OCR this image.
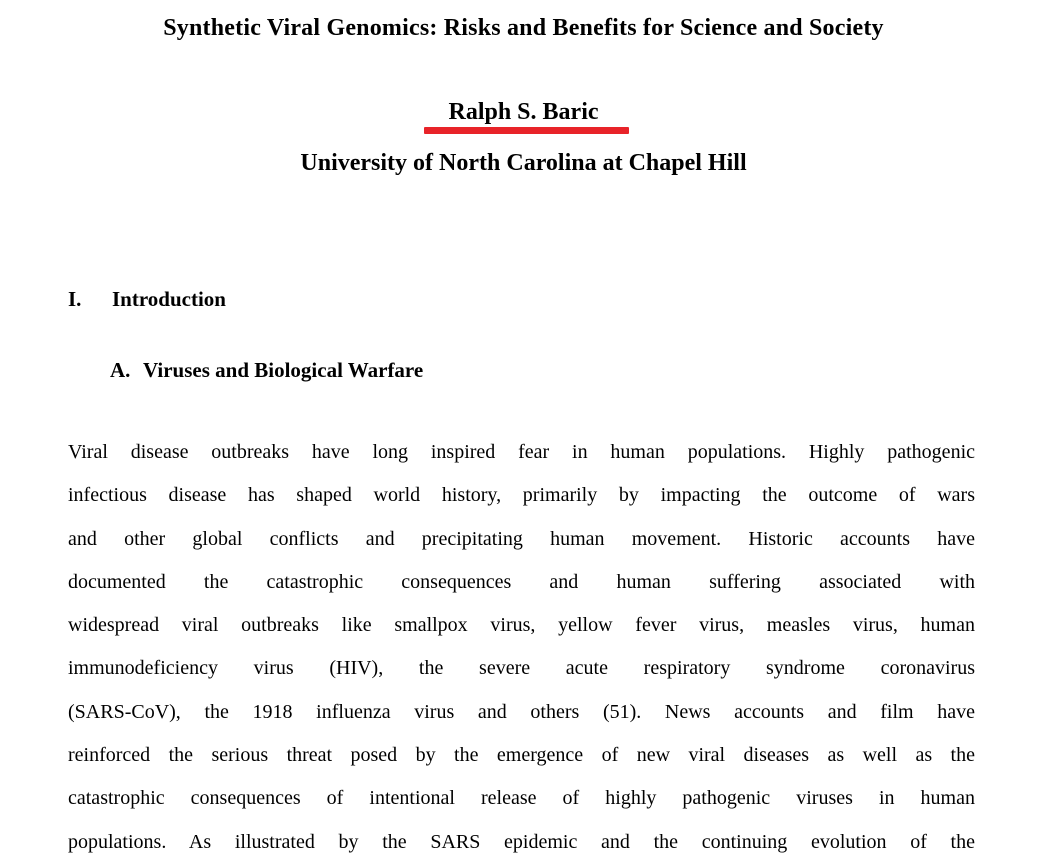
Synthetic Viral Genomics: Risks and Benefits for Science and Society
Ralph S. Baric
University of North Carolina at Chapel Hill
I. Introduction
A. Viruses and Biological Warfare
Viral disease outbreaks have long inspired fear in human populations. Highly pathogenic
infectious disease has shaped world history, primarily by impacting the outcome of wars
and other global conflicts and precipitating human movement. Historic accounts have
documented the catastrophic consequences and human suffering associated with
widespread viral outbreaks like smallpox virus, yellow fever virus, measles virus, human
immunodeficiency virus (HIV), the severe acute respiratory syndrome coronavirus
(SARS-CoV), the 1918 influenza virus and others (51). News accounts and film have
reinforced the serious threat posed by the emergence of new viral diseases as well as the
catastrophic consequences of intentional release of highly pathogenic viruses in human
populations. As illustrated by the SARS epidemic and the continuing evolution of the
